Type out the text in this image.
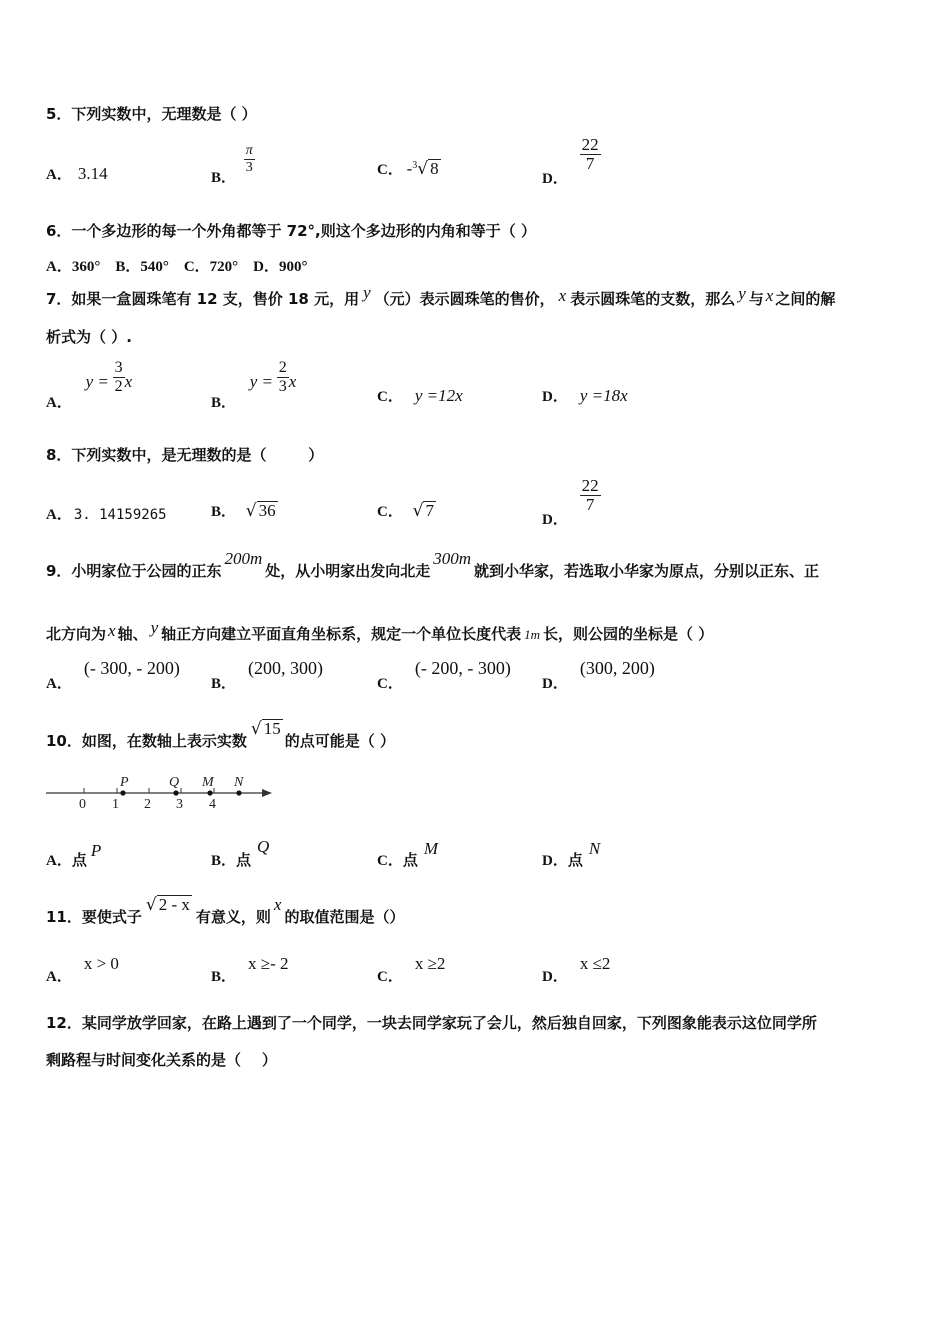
5．下列实数中，无理数是（ ）
A． 3.14	B．
$\frac{\pi}{3}$	C． -$^3$√ 8
D．
$\frac{22}{7}$
6．一个多边形的每一个外角都等于 72°,则这个多边形的内角和等于（ ）
A．360°    B．540°    C．720°    D．900°
7．如果一盒圆珠笔有 12 支，售价 18 元，用 y （元）表示圆珠笔的售价， x 表示圆珠笔的支数，那么 y 与 x 之间的解
析式为（ ）.
A． $y = \frac{3}{2}$ x
B． $y = \frac{2}{3}$ x
C． y =12x	D． y =18x
8．下列实数中，是无理数的是（        ）
A． 3. 14159265	B． √ 36	C． √ 7
D．
$\frac{22}{7}$
9．小明家位于公园的正东200m处，从小明家出发向北走300m就到小华家，若选取小华家为原点，分别以正东、正
北方向为 x 轴、 y 轴正方向建立平面直角坐标系，规定一个单位长度代表 1m 长，则公园的坐标是（ ）
A．(- 300, - 200)
B．(200, 300)
C．(- 200, - 300)
D．(300, 200)
10．如图，在数轴上表示实数√ 15的点可能是（ ）
0 1 2 3 4
P	Q M N
A．点P
B．点Q
C．点M
D．点N
11．要使式子√ 2 - x有意义，则x的取值范围是（）
A．x > 0
B．x ≥- 2
C．x ≥2
D．x ≤2
12．某同学放学回家，在路上遇到了一个同学，一块去同学家玩了会儿，然后独自回家，下列图象能表示这位同学所
剩路程与时间变化关系的是（    ）
